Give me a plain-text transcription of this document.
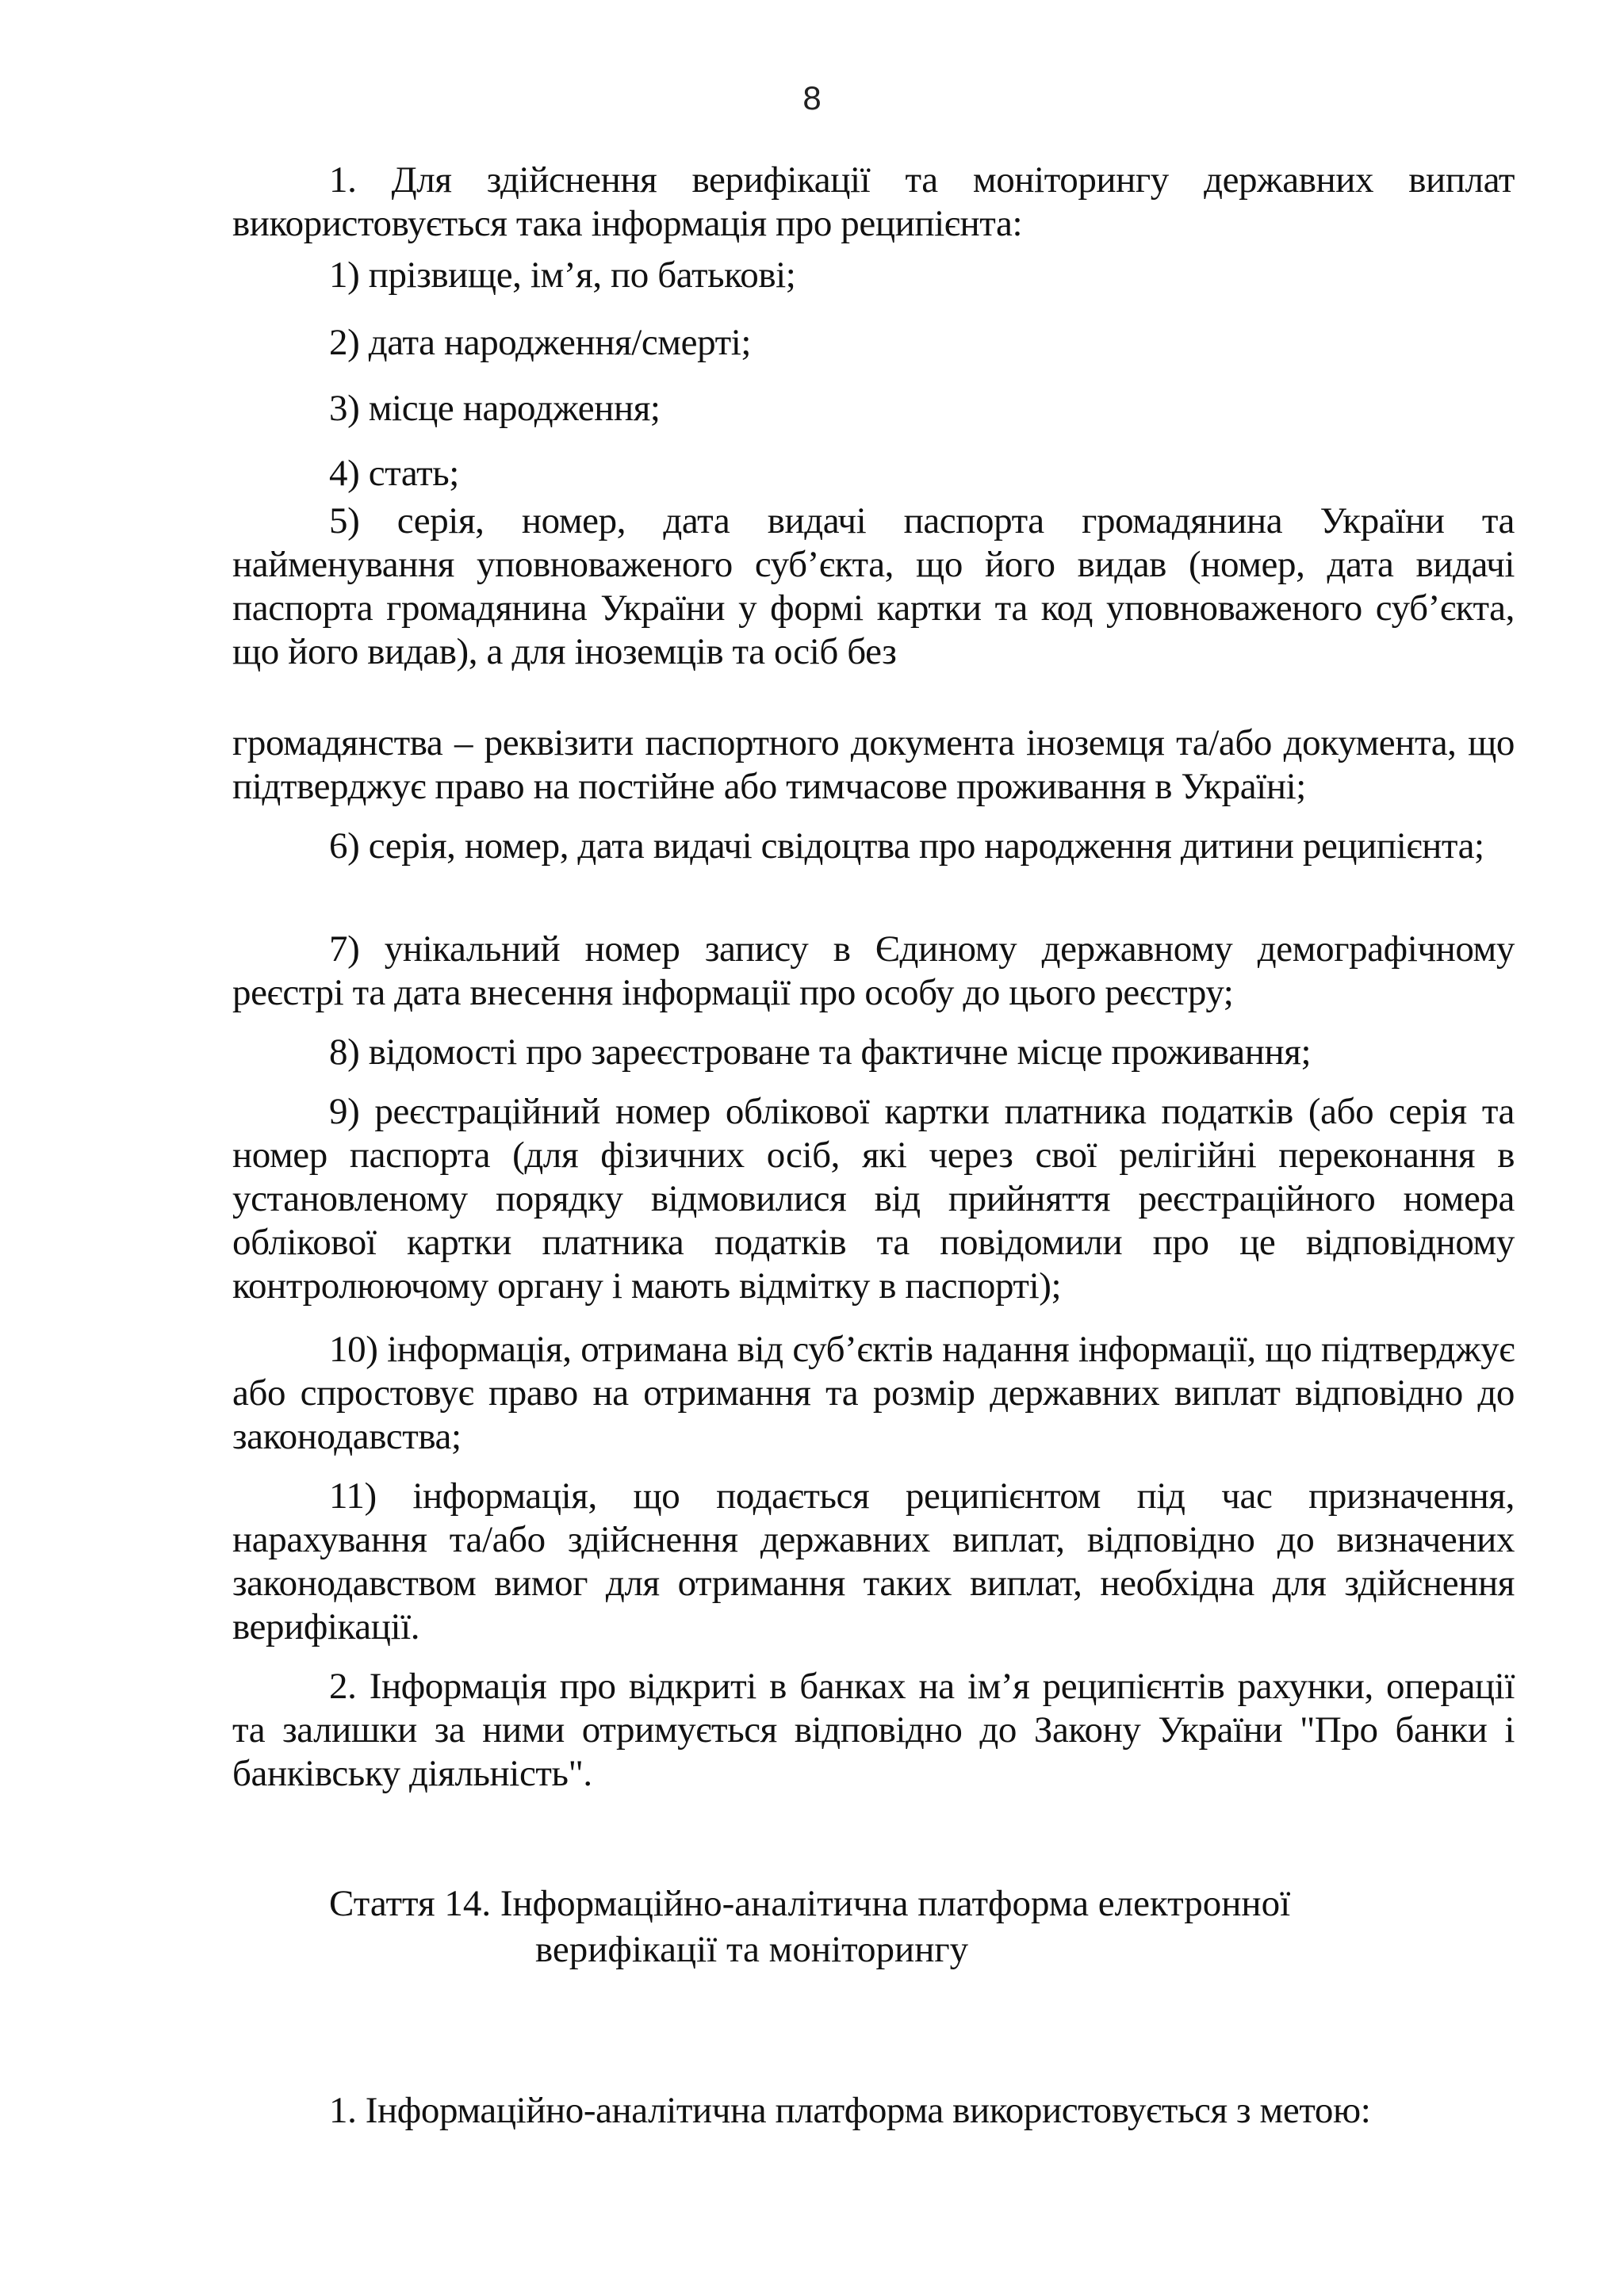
8

1. Для здійснення верифікації та моніторингу державних виплат використовується така інформація про реципієнта:

1) прізвище, ім’я, по батькові;

2) дата народження/смерті;

3) місце народження;

4) стать;

5) серія, номер, дата видачі паспорта громадянина України та найменування уповноваженого суб’єкта, що його видав (номер, дата видачі паспорта громадянина України у формі картки та код уповноваженого суб’єкта, що його видав), а для іноземців та осіб без

громадянства – реквізити паспортного документа іноземця та/або документа, що підтверджує право на постійне або тимчасове проживання в Україні;

6) серія, номер, дата видачі свідоцтва про народження дитини реципієнта;

7) унікальний номер запису в Єдиному державному демографічному реєстрі та дата внесення інформації про особу до цього реєстру;

8) відомості про зареєстроване та фактичне місце проживання;

9) реєстраційний номер облікової картки платника податків (або серія та номер паспорта (для фізичних осіб, які через свої релігійні переконання в установленому порядку відмовилися від прийняття реєстраційного номера облікової картки платника податків та повідомили про це відповідному контролюючому органу і мають відмітку в паспорті);

10) інформація, отримана від суб’єктів надання інформації, що підтверджує або спростовує право на отримання та розмір державних виплат відповідно до законодавства;

11) інформація, що подається реципієнтом під час призначення, нарахування та/або здійснення державних виплат, відповідно до визначених законодавством вимог для отримання таких виплат, необхідна для здійснення верифікації.

2. Інформація про відкриті в банках на ім’я реципієнтів рахунки, операції та залишки за ними отримується відповідно до Закону України "Про банки і банківську діяльність".

Стаття 14. Інформаційно-аналітична платформа електронної
верифікації та моніторингу

1. Інформаційно-аналітична платформа використовується з метою:
